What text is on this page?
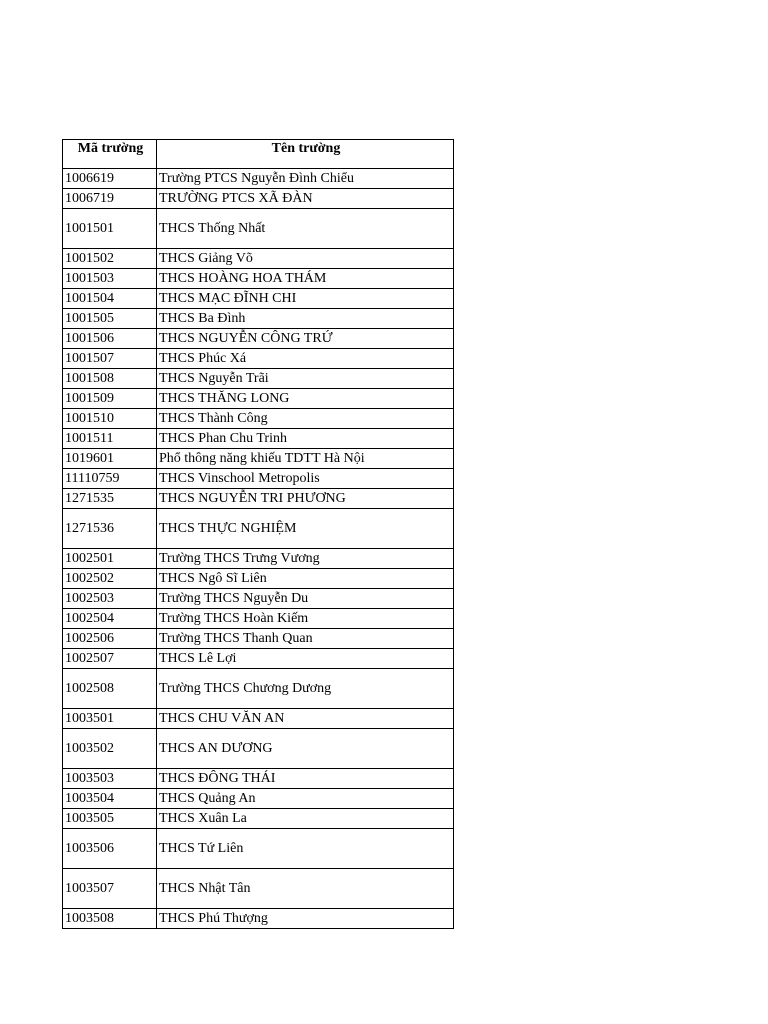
Mã trường	Tên trường
1006619	Trường PTCS Nguyễn Đình Chiểu
1006719	TRƯỜNG PTCS XÃ ĐÀN
1001501	THCS Thống Nhất
1001502	THCS Giảng Võ
1001503	THCS HOÀNG HOA THÁM
1001504	THCS MẠC ĐĨNH CHI
1001505	THCS Ba Đình
1001506	THCS NGUYỄN CÔNG TRỨ
1001507	THCS Phúc Xá
1001508	THCS Nguyễn Trãi
1001509	THCS THĂNG LONG
1001510	THCS Thành Công
1001511	THCS Phan Chu Trinh
1019601	Phổ thông năng khiếu TDTT Hà Nội
11110759	THCS Vinschool Metropolis
1271535	THCS NGUYỄN TRI PHƯƠNG
1271536	THCS THỰC NGHIỆM
1002501	Trường THCS Trưng Vương
1002502	THCS Ngô Sĩ Liên
1002503	Trường THCS Nguyễn Du
1002504	Trường THCS Hoàn Kiếm
1002506	Trường THCS Thanh Quan
1002507	THCS Lê Lợi
1002508	Trường THCS Chương Dương
1003501	THCS CHU VĂN AN
1003502	THCS AN DƯƠNG
1003503	THCS ĐÔNG THÁI
1003504	THCS Quảng An
1003505	THCS Xuân La
1003506	THCS Tứ Liên
1003507	THCS Nhật Tân
1003508	THCS Phú Thượng
